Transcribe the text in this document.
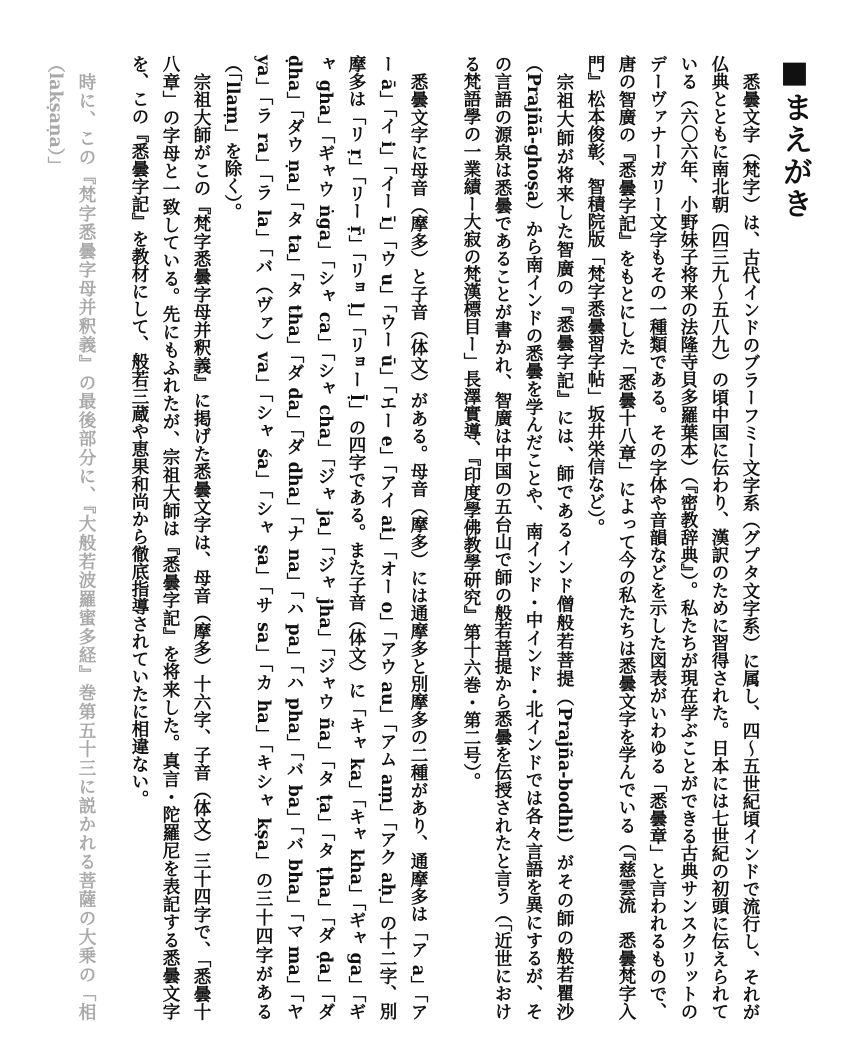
■まえがき

悉曇文字（梵字）は、古代インドのブラーフミー文字系（グプタ文字系）に属し、四～五世紀頃インドで流行し、それが仏典とともに南北朝（四三九～五八九）の頃中国に伝わり、漢訳のために習得された。日本には七世紀の初頭に伝えられている（六〇六年、小野妹子将来の法隆寺貝多羅葉本）（『密教辞典』）。私たちが現在学ぶことができる古典サンスクリットのデーヴァナーガリー文字もその一種類である。その字体や音韻などを示した図表がいわゆる「悉曇章」と言われるもので、唐の智廣の『悉曇字記』をもとにした「悉曇十八章」によって今の私たちは悉曇文字を学んでいる（『慈雲流　悉曇梵字入門』松本俊彰、智積院版「梵字悉曇習字帖」坂井栄信など）。

宗祖大師が将来した智廣の『悉曇字記』には、師であるインド僧般若菩提（Prajña-bodhi）がその師の般若瞿沙（Prajñā-ghoṣa）から南インドの悉曇を学んだことや、南インド・中インド・北インドでは各々言語を異にするが、その言語の源泉は悉曇であることが書かれ、智廣は中国の五台山で師の般若菩提から悉曇を伝授されたと言う（「近世における梵語學の一業績ー大寂の梵漢標目ー」長澤實導、『印度學佛教學研究』第十六巻・第二号）。

悉曇文字に母音（摩多）と子音（体文）がある。母音（摩多）には通摩多と別摩多の二種があり、通摩多は「ア a」「アー ā」「イ i」「イー ī」「ウ u」「ウー ū」「エー e」「アイ ai」「オー o」「アウ au」「アム aṃ」「アク aḥ」の十二字、別摩多は「リ ṛ」「リー ṝ」「リョ ḷ」「リョー ḹ」の四字である。また子音（体文）に「キャ ka」「キャ kha」「ギャ ga」「ギャ gha」「ギャウ ṅga」「シャ ca」「シャ cha」「ジャ ja」「ジャ jha」「ジャウ ña」「タ ṭa」「タ ṭha」「ダ ḍa」「ダ ḍha」「ダウ ṇa」「タ ta」「タ tha」「ダ da」「ダ dha」「ナ na」「ハ pa」「ハ pha」「バ ba」「バ bha」「マ ma」「ヤ ya」「ラ ra」「ラ la」「バ（ヴァ）va」「シャ śa」「シャ ṣa」「サ sa」「カ ha」「キシャ kṣa」の三十四字がある（「llaṃ」を除く）。

宗祖大師がこの『梵字悉曇字母并釈義』に掲げた悉曇文字は、母音（摩多）十六字、子音（体文）三十四字で、「悉曇十八章」の字母と一致している。先にもふれたが、宗祖大師は『悉曇字記』を将来した。真言・陀羅尼を表記する悉曇文字を、この『悉曇字記』を教材にして、般若三蔵や恵果和尚から徹底指導されていたに相違ない。

時に、この『梵字悉曇字母并釈義』の最後部分に、『大般若波羅蜜多経』巻第五十三に説かれる菩薩の大乗の「相（lakṣaṇa）」
